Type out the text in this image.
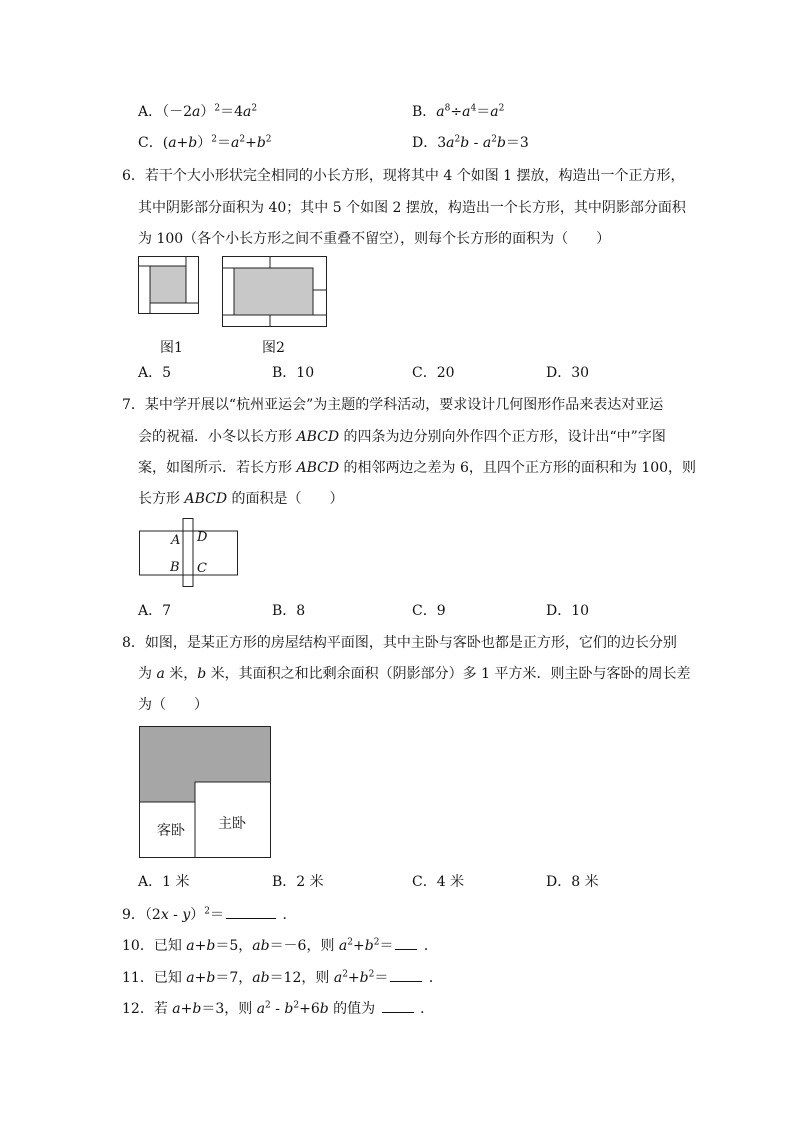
A．$(-2a)^2=4a^2$	B．$a^8\div a^4=a^2$
C．$(a+b)^2=a^2+b^2$	D．$3a^2b - a^2b=3$
6．若干个大小形状完全相同的小长方形，现将其中 4 个如图 1 摆放，构造出一个正方形，
其中阴影部分面积为 40；其中 5 个如图 2 摆放，构造出一个长方形，其中阴影部分面积
为 100（各个小长方形之间不重叠不留空），则每个长方形的面积为（　　）
图1	图2
A．5	B．10	C．20	D．30
7．某中学开展以“杭州亚运会”为主题的学科活动，要求设计几何图形作品来表达对亚运
会的祝福．小冬以长方形 ABCD 的四条为边分别向外作四个正方形，设计出“中”字图
案，如图所示．若长方形 ABCD 的相邻两边之差为 6，且四个正方形的面积和为 100，则
长方形 ABCD 的面积是（　　）
A D
B C
A．7	B．8	C．9	D．10
8．如图，是某正方形的房屋结构平面图，其中主卧与客卧也都是正方形，它们的边长分别
为 a 米，b 米，其面积之和比剩余面积（阴影部分）多 1 平方米．则主卧与客卧的周长差
为（　　）
客卧 主卧
A．1 米	B．2 米	C．4 米	D．8 米
9．（2x - y）$^2$＝	．
10．已知 a+b＝5，ab＝－6，则 $a^2+b^2=$ ．
11．已知 a+b＝7，ab＝12，则 $a^2+b^2=$	．
12．若 a+b＝3，则 $a^2 - b^2+6b$ 的值为	．
